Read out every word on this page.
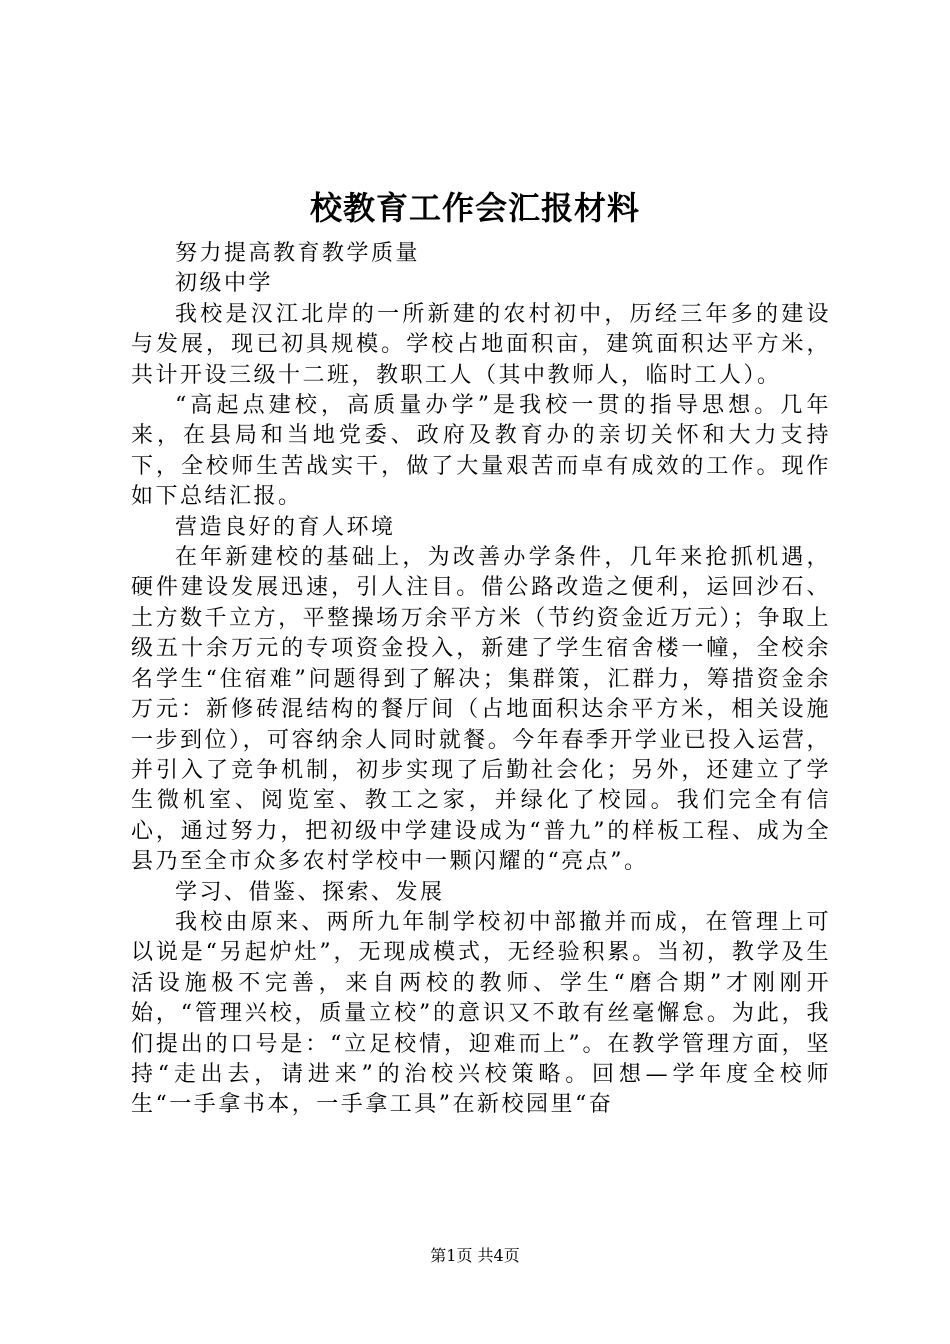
校教育工作会汇报材料

努力提高教育教学质量

初级中学

我校是汉江北岸的一所新建的农村初中，历经三年多的建设与发展，现已初具规模。学校占地面积亩，建筑面积达平方米，共计开设三级十二班，教职工人（其中教师人，临时工人）。

“高起点建校，高质量办学”是我校一贯的指导思想。几年来，在县局和当地党委、政府及教育办的亲切关怀和大力支持下，全校师生苦战实干，做了大量艰苦而卓有成效的工作。现作如下总结汇报。

营造良好的育人环境

在年新建校的基础上，为改善办学条件，几年来抢抓机遇，硬件建设发展迅速，引人注目。借公路改造之便利，运回沙石、土方数千立方，平整操场万余平方米（节约资金近万元）；争取上级五十余万元的专项资金投入，新建了学生宿舍楼一幢，全校余名学生“住宿难”问题得到了解决；集群策，汇群力，筹措资金余万元：新修砖混结构的餐厅间（占地面积达余平方米，相关设施一步到位），可容纳余人同时就餐。今年春季开学业已投入运营，并引入了竞争机制，初步实现了后勤社会化；另外，还建立了学生微机室、阅览室、教工之家，并绿化了校园。我们完全有信心，通过努力，把初级中学建设成为“普九”的样板工程、成为全县乃至全市众多农村学校中一颗闪耀的“亮点”。

学习、借鉴、探索、发展

我校由原来、两所九年制学校初中部撤并而成，在管理上可以说是“另起炉灶”，无现成模式，无经验积累。当初，教学及生活设施极不完善，来自两校的教师、学生“磨合期”才刚刚开始，“管理兴校，质量立校”的意识又不敢有丝毫懈怠。为此，我们提出的口号是：“立足校情，迎难而上”。在教学管理方面，坚持“走出去，请进来”的治校兴校策略。回想—学年度全校师生“一手拿书本，一手拿工具”在新校园里“奋

第1页 共4页
